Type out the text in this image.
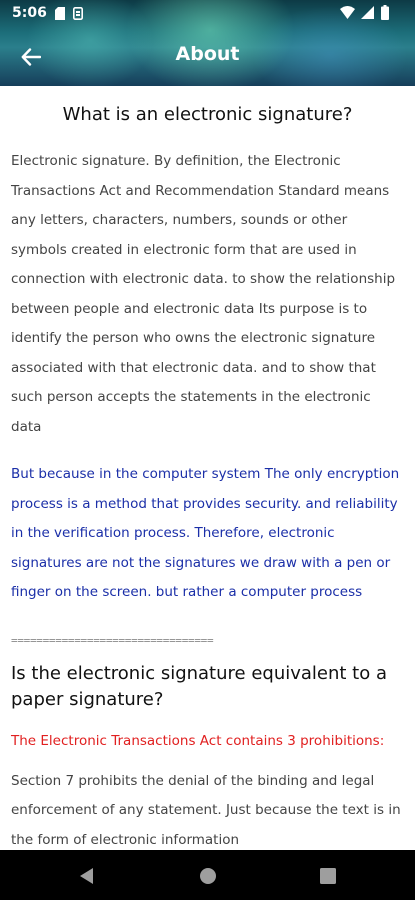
5:06
About
What is an electronic signature?
Electronic signature. By definition, the Electronic Transactions Act and Recommendation Standard means any letters, characters, numbers, sounds or other symbols created in electronic form that are used in connection with electronic data. to show the relationship between people and electronic data Its purpose is to identify the person who owns the electronic signature associated with that electronic data. and to show that such person accepts the statements in the electronic data
But because in the computer system The only encryption process is a method that provides security. and reliability in the verification process. Therefore, electronic signatures are not the signatures we draw with a pen or finger on the screen. but rather a computer process
================================
Is the electronic signature equivalent to a paper signature?
The Electronic Transactions Act contains 3 prohibitions:
Section 7 prohibits the denial of the binding and legal enforcement of any statement. Just because the text is in the form of electronic information
